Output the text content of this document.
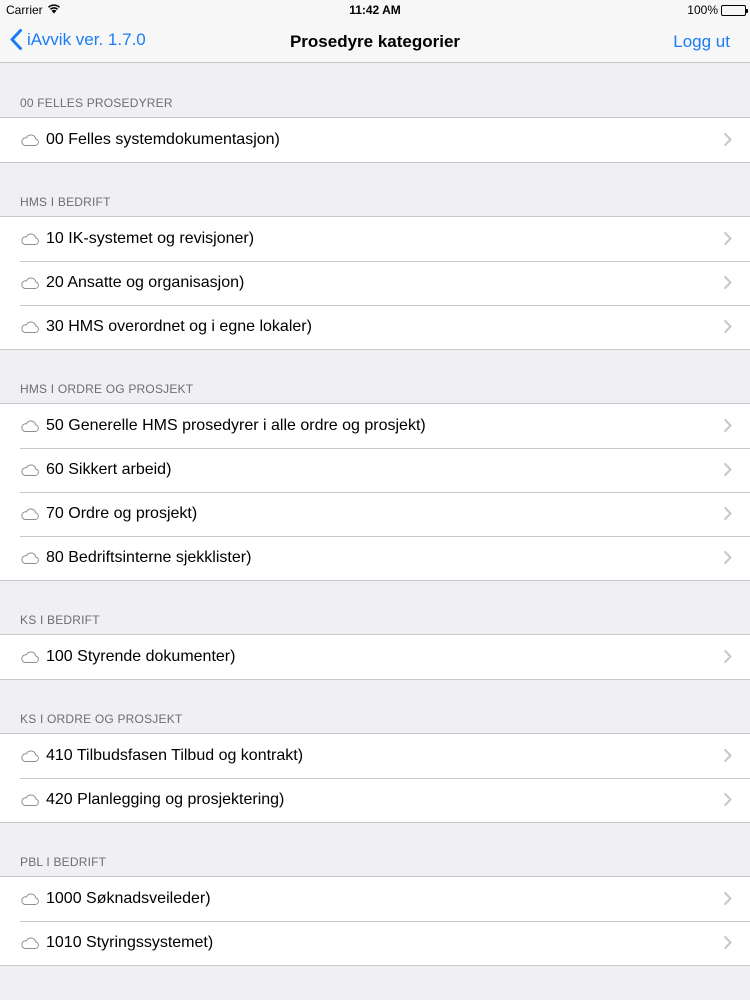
Carrier	11:42 AM	100%
iAvvik ver. 1.7.0	Prosedyre kategorier	Logg ut
00 FELLES PROSEDYRER
00 Felles systemdokumentasjon)
HMS I BEDRIFT
10 IK-systemet og revisjoner)
20 Ansatte og organisasjon)
30 HMS overordnet og i egne lokaler)
HMS I ORDRE OG PROSJEKT
50 Generelle HMS prosedyrer i alle ordre og prosjekt)
60 Sikkert arbeid)
70 Ordre og prosjekt)
80 Bedriftsinterne sjekklister)
KS I BEDRIFT
100 Styrende dokumenter)
KS I ORDRE OG PROSJEKT
410 Tilbudsfasen Tilbud og kontrakt)
420 Planlegging og prosjektering)
PBL I BEDRIFT
1000 Søknadsveileder)
1010 Styringssystemet)
